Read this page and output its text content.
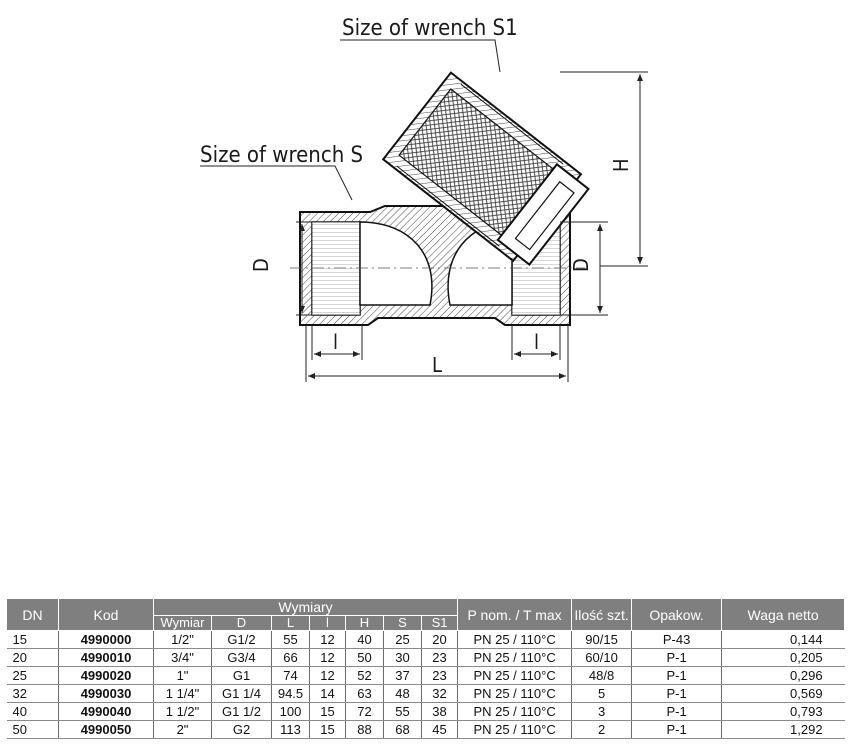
Size of wrench S1
Size of wrench S	H
D	D
l	l
L
DN	Kod	Wymiary							P nom. / T max	Ilość szt.	Opakow.	Waga netto
		Wymiar	D	L	l	H	S	S1				
15	4990000	1/2"	G1/2	55	12	40	25	20	PN 25 / 110°C	90/15	P-43	0,144
20	4990010	3/4"	G3/4	66	12	50	30	23	PN 25 / 110°C	60/10	P-1	0,205
25	4990020	1"	G1	74	12	52	37	23	PN 25 / 110°C	48/8	P-1	0,296
32	4990030	1 1/4"	G1 1/4	94.5	14	63	48	32	PN 25 / 110°C	5	P-1	0,569
40	4990040	1 1/2"	G1 1/2	100	15	72	55	38	PN 25 / 110°C	3	P-1	0,793
50	4990050	2"	G2	113	15	88	68	45	PN 25 / 110°C	2	P-1	1,292
